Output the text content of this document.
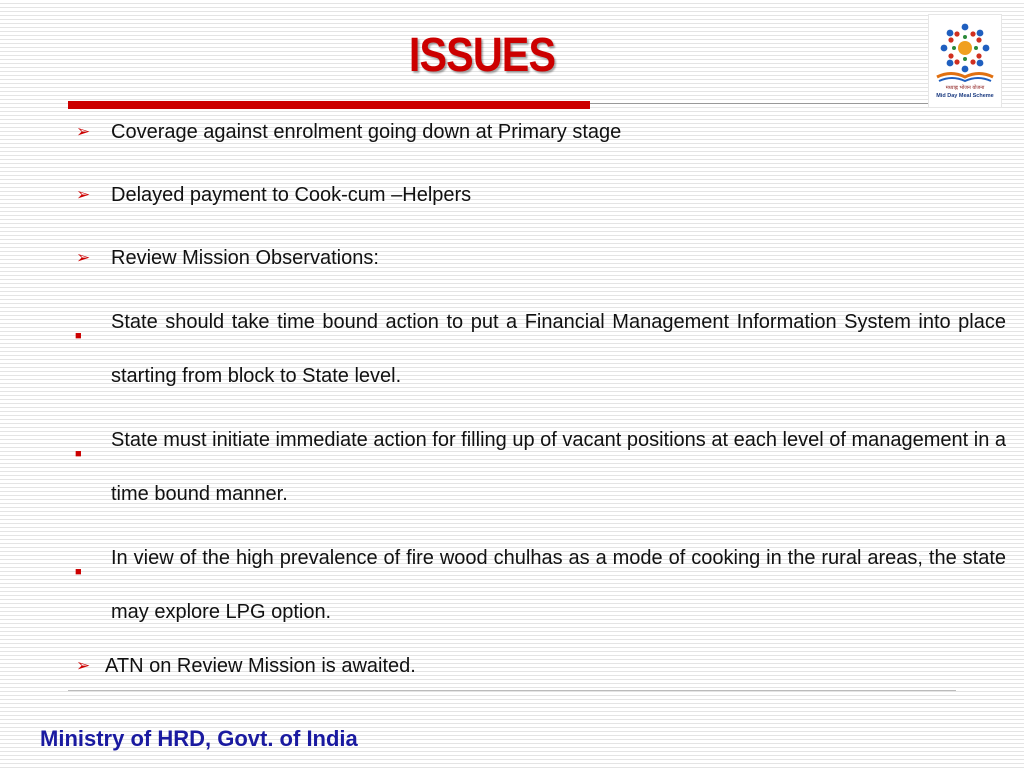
ISSUES
मध्याह्न भोजन योजना
Mid Day Meal Scheme
➢ Coverage against enrolment going down at Primary stage
➢ Delayed payment to Cook-cum –Helpers
➢ Review Mission Observations:
■
State should take time bound action to put a Financial Management Information System into place starting from block to State level.
■
State must initiate immediate action for filling up of vacant positions at each level of management in a time bound manner.
■
In view of the high prevalence of fire wood chulhas as a mode of cooking in the rural areas, the state may explore LPG option.
➢ ATN on Review Mission is awaited.
Ministry of HRD, Govt. of India
